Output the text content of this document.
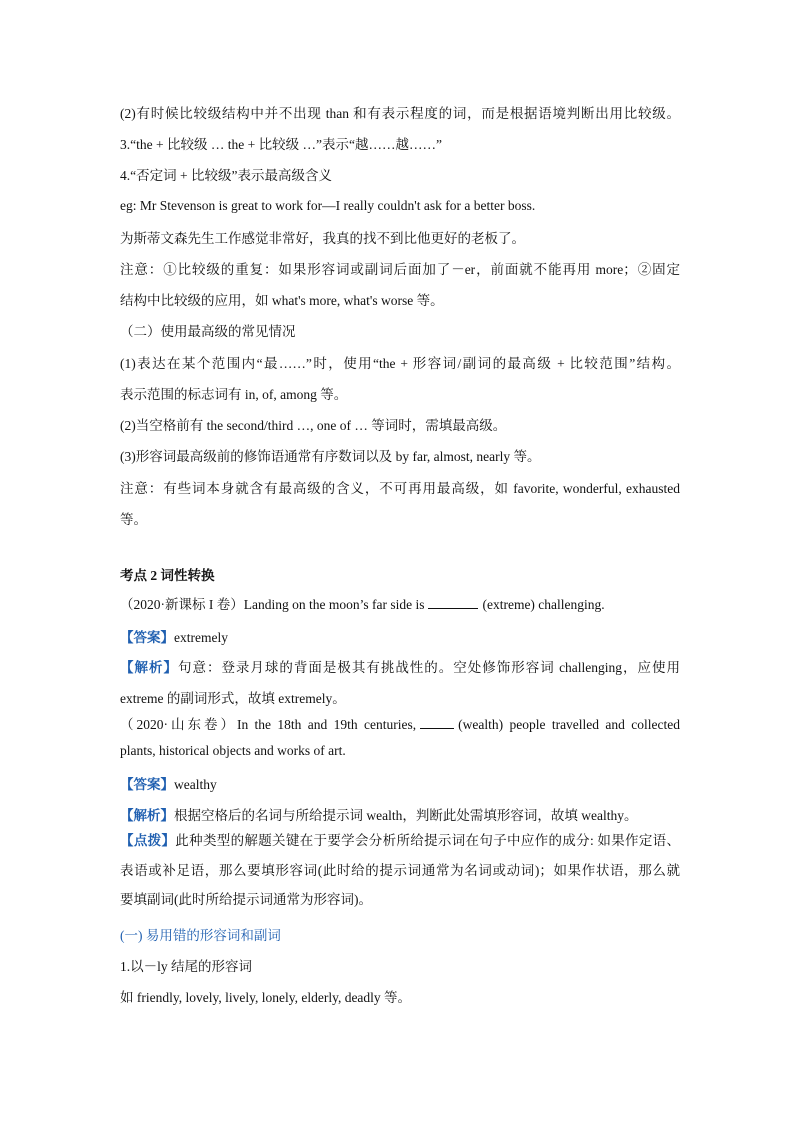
(2)有时候比较级结构中并不出现 than 和有表示程度的词，而是根据语境判断出用比较级。
3.“the + 比较级 … the + 比较级 …”表示“越……越……”
4.“否定词 + 比较级”表示最高级含义
eg: Mr Stevenson is great to work for—I really couldn't ask for a better boss.
为斯蒂文森先生工作感觉非常好，我真的找不到比他更好的老板了。
注意：①比较级的重复：如果形容词或副词后面加了－er，前面就不能再用 more；②固定
结构中比较级的应用，如 what's more, what's worse 等。
（二）使用最高级的常见情况
(1)表达在某个范围内“最……”时，使用“the + 形容词/副词的最高级 + 比较范围”结构。
表示范围的标志词有 in, of, among 等。
(2)当空格前有 the second/third …, one of … 等词时，需填最高级。
(3)形容词最高级前的修饰语通常有序数词以及 by far, almost, nearly 等。
注意：有些词本身就含有最高级的含义，不可再用最高级，如 favorite, wonderful, exhausted
等。
考点 2 词性转换
（2020·新课标 I 卷）Landing on the moon’s far side is	(extreme) challenging.
【答案】extremely
【解析】句意：登录月球的背面是极其有挑战性的。空处修饰形容词 challenging，应使用
extreme 的副词形式，故填 extremely。
（2020·山东卷）In the 18th and 19th centuries,	(wealth) people travelled and collected
plants, historical objects and works of art.
【答案】wealthy
【解析】根据空格后的名词与所给提示词 wealth，判断此处需填形容词，故填 wealthy。
【点拨】此种类型的解题关键在于要学会分析所给提示词在句子中应作的成分: 如果作定语、
表语或补足语，那么要填形容词(此时给的提示词通常为名词或动词)；如果作状语，那么就
要填副词(此时所给提示词通常为形容词)。
(一) 易用错的形容词和副词
1.以－ly 结尾的形容词
如 friendly, lovely, lively, lonely, elderly, deadly 等。
